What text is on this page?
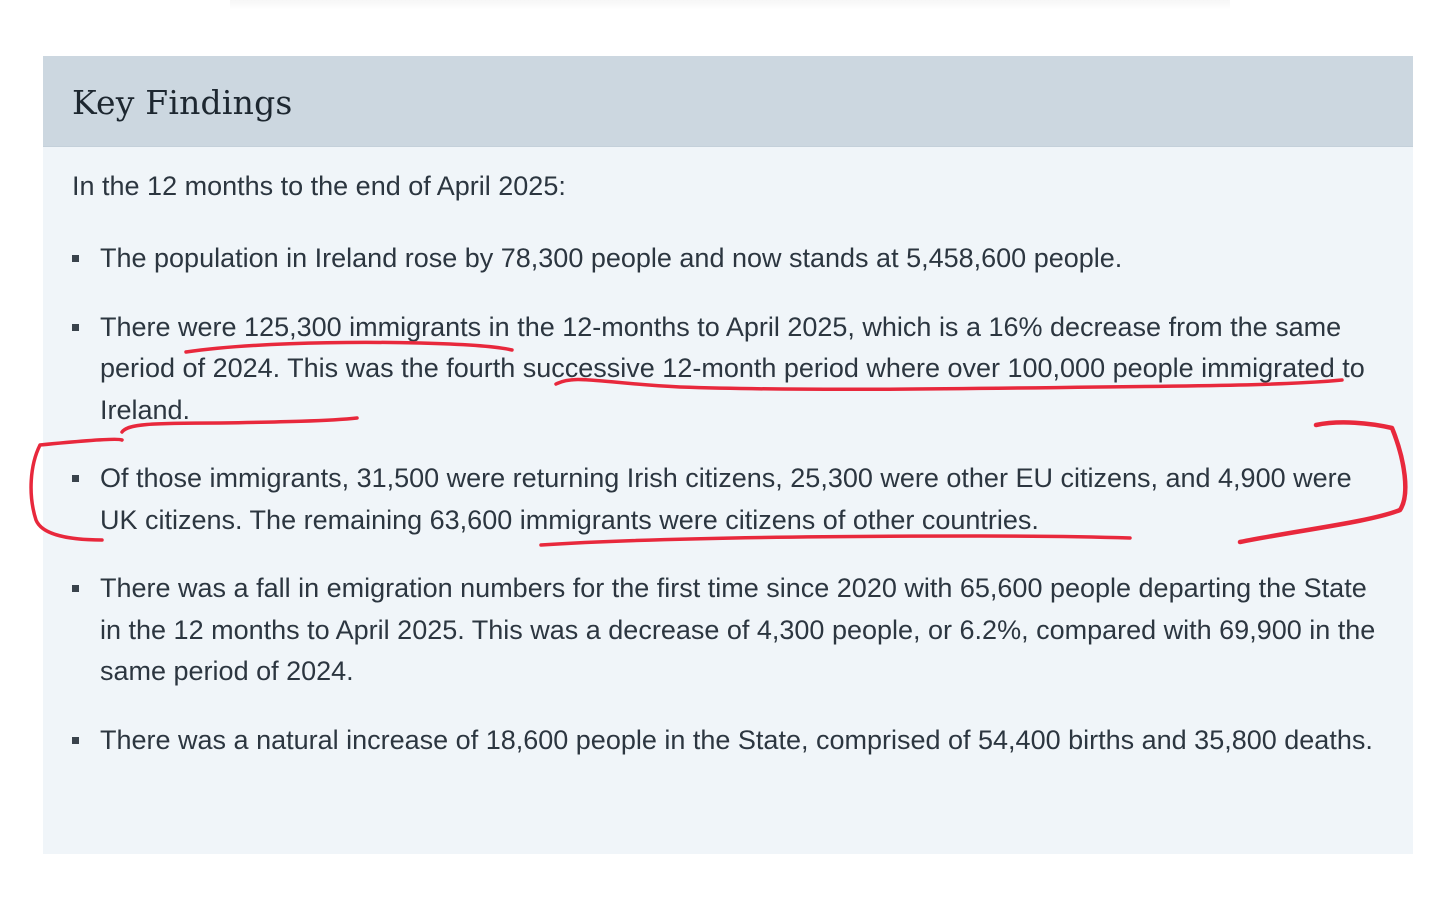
Key Findings

In the 12 months to the end of April 2025:

The population in Ireland rose by 78,300 people and now stands at 5,458,600 people.
There were 125,300 immigrants in the 12-months to April 2025, which is a 16% decrease from the same period of 2024. This was the fourth successive 12-month period where over 100,000 people immigrated to Ireland.
Of those immigrants, 31,500 were returning Irish citizens, 25,300 were other EU citizens, and 4,900 were UK citizens. The remaining 63,600 immigrants were citizens of other countries.
There was a fall in emigration numbers for the first time since 2020 with 65,600 people departing the State in the 12 months to April 2025. This was a decrease of 4,300 people, or 6.2%, compared with 69,900 in the same period of 2024.
There was a natural increase of 18,600 people in the State, comprised of 54,400 births and 35,800 deaths.
